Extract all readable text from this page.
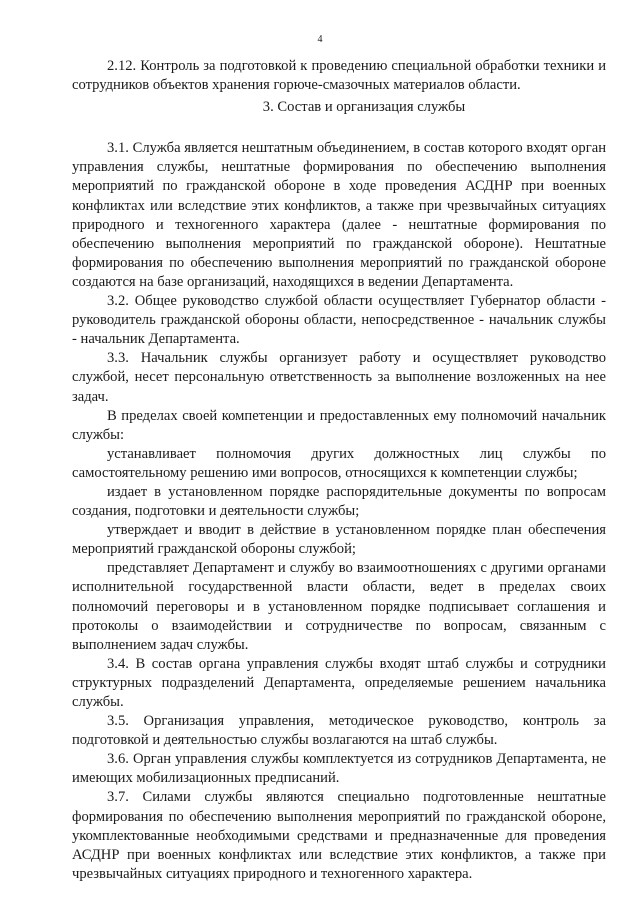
4

2.12. Контроль за подготовкой к проведению специальной обработки техники и сотрудников объектов хранения горюче-смазочных материалов области.

3. Состав и организация службы

3.1. Служба является нештатным объединением, в состав которого входят орган управления службы, нештатные формирования по обеспечению выполнения мероприятий по гражданской обороне в ходе проведения АСДНР при военных конфликтах или вследствие этих конфликтов, а также при чрезвычайных ситуациях природного и техногенного характера (далее - нештатные формирования по обеспечению выполнения мероприятий по гражданской обороне). Нештатные формирования по обеспечению выполнения мероприятий по гражданской обороне создаются на базе организаций, находящихся в ведении Департамента.

3.2. Общее руководство службой области осуществляет Губернатор области - руководитель гражданской обороны области, непосредственное - начальник службы - начальник Департамента.

3.3. Начальник службы организует работу и осуществляет руководство службой, несет персональную ответственность за выполнение возложенных на нее задач.

В пределах своей компетенции и предоставленных ему полномочий начальник службы:

устанавливает полномочия других должностных лиц службы по самостоятельному решению ими вопросов, относящихся к компетенции службы;

издает в установленном порядке распорядительные документы по вопросам создания, подготовки и деятельности службы;

утверждает и вводит в действие в установленном порядке план обеспечения мероприятий гражданской обороны службой;

представляет Департамент и службу во взаимоотношениях с другими органами исполнительной государственной власти области, ведет в пределах своих полномочий переговоры и в установленном порядке подписывает соглашения и протоколы о взаимодействии и сотрудничестве по вопросам, связанным с выполнением задач службы.

3.4. В состав органа управления службы входят штаб службы и сотрудники структурных подразделений Департамента, определяемые решением начальника службы.

3.5. Организация управления, методическое руководство, контроль за подготовкой и деятельностью службы возлагаются на штаб службы.

3.6. Орган управления службы комплектуется из сотрудников Департамента, не имеющих мобилизационных предписаний.

3.7. Силами службы являются специально подготовленные нештатные формирования по обеспечению выполнения мероприятий по гражданской обороне, укомплектованные необходимыми средствами и предназначенные для проведения АСДНР при военных конфликтах или вследствие этих конфликтов, а также при чрезвычайных ситуациях природного и техногенного характера.
